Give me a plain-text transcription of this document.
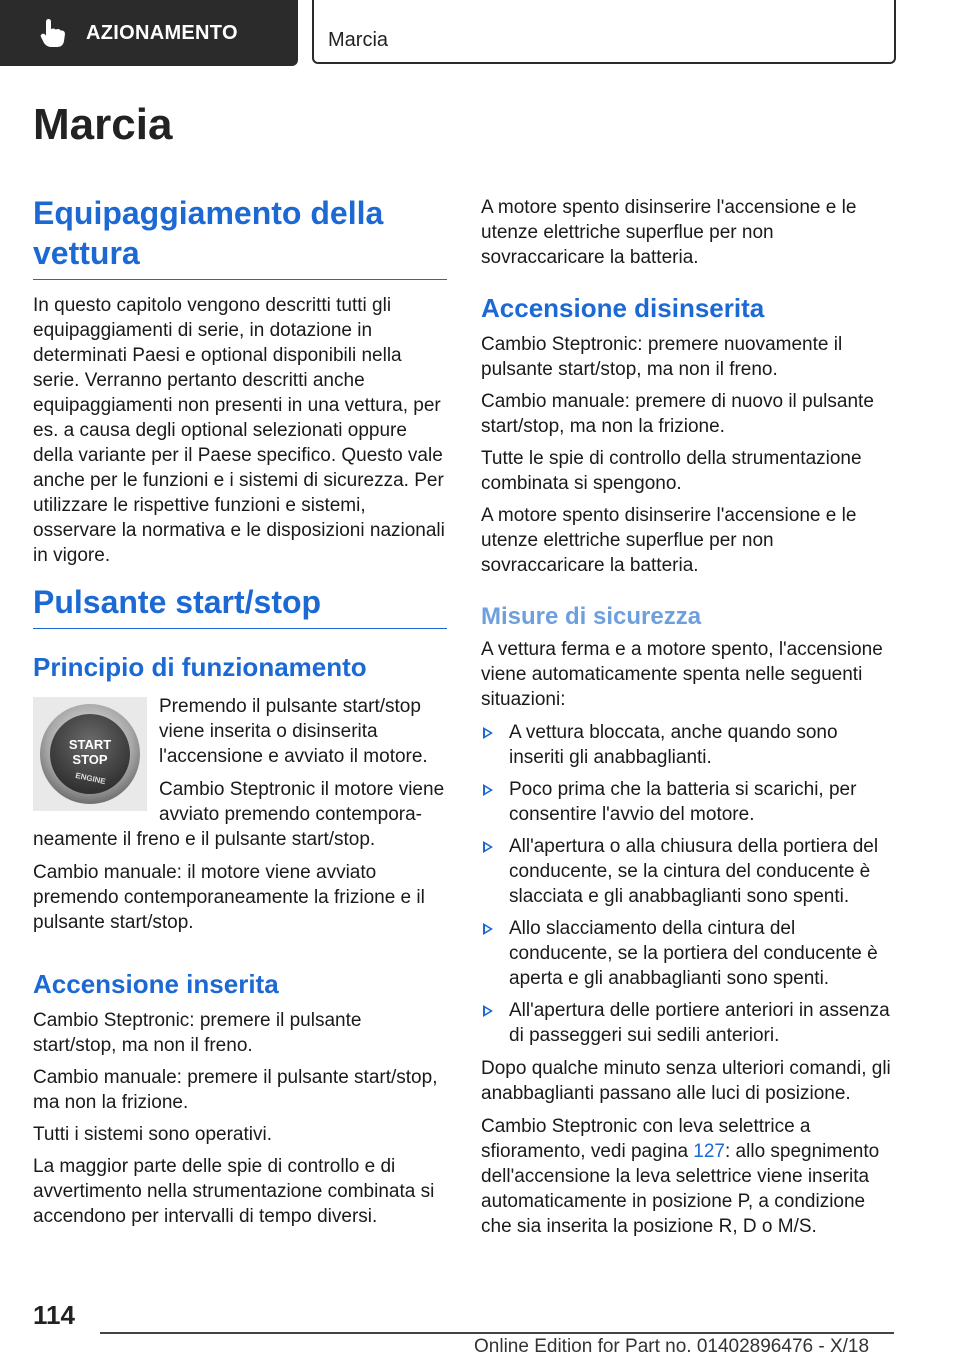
AZIONAMENTO	Marcia
Marcia
Equipaggiamento della vettura

In questo capitolo vengono descritti tutti gli equipaggiamenti di serie, in dotazione in determinati Paesi e optional disponibili nella serie. Verranno pertanto descritti anche equipaggiamenti non presenti in una vettura, per es. a causa degli optional selezionati oppure della variante per il Paese specifico. Questo vale anche per le funzioni e i sistemi di sicurezza. Per utilizzare le rispettive funzioni e sistemi, osservare la normativa e le disposizioni nazionali in vigore.

Pulsante start/stop
Principio di funzionamento
START
STOP
ENGINE

Premendo il pulsante start/stop viene inserita o disinserita l'accensione e avviato il motore.

Cambio Steptronic il motore viene avviato premendo contempora-

neamente il freno e il pulsante start/stop.

Cambio manuale: il motore viene avviato premendo contemporaneamente la frizione e il pulsante start/stop.

Accensione inserita

Cambio Steptronic: premere il pulsante start/stop, ma non il freno.

Cambio manuale: premere il pulsante start/stop, ma non la frizione.

Tutti i sistemi sono operativi.

La maggior parte delle spie di controllo e di avvertimento nella strumentazione combinata si accendono per intervalli di tempo diversi.

A motore spento disinserire l'accensione e le utenze elettriche superflue per non sovraccaricare la batteria.

Accensione disinserita

Cambio Steptronic: premere nuovamente il pulsante start/stop, ma non il freno.

Cambio manuale: premere di nuovo il pulsante start/stop, ma non la frizione.

Tutte le spie di controllo della strumentazione combinata si spengono.

A motore spento disinserire l'accensione e le utenze elettriche superflue per non sovraccaricare la batteria.

Misure di sicurezza

A vettura ferma e a motore spento, l'accensione viene automaticamente spenta nelle seguenti situazioni:

A vettura bloccata, anche quando sono inseriti gli anabbaglianti.
Poco prima che la batteria si scarichi, per consentire l'avvio del motore.
All'apertura o alla chiusura della portiera del conducente, se la cintura del conducente è slacciata e gli anabbaglianti sono spenti.
Allo slacciamento della cintura del conducente, se la portiera del conducente è aperta e gli anabbaglianti sono spenti.
All'apertura delle portiere anteriori in assenza di passeggeri sui sedili anteriori.

Dopo qualche minuto senza ulteriori comandi, gli anabbaglianti passano alle luci di posizione.

Cambio Steptronic con leva selettrice a sfioramento, vedi pagina 127: allo spegnimento dell'accensione la leva selettrice viene inserita automaticamente in posizione P, a condizione che sia inserita la posizione R, D o M/S.

114
Online Edition for Part no. 01402896476 - X/18
